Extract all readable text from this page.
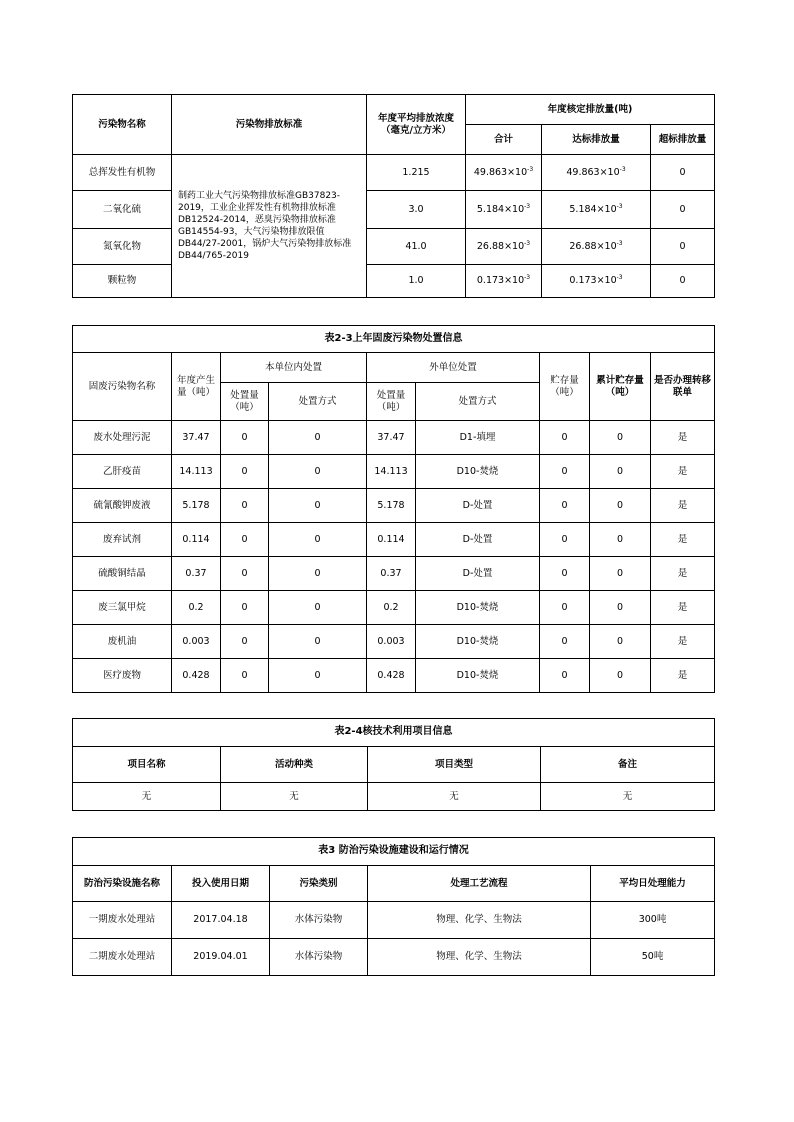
污染物名称	污染物排放标准	年度平均排放浓度（毫克/立方米）	年度核定排放量(吨)		
			合计	达标排放量	超标排放量
总挥发性有机物	制药工业大气污染物排放标准GB37823-2019，工业企业挥发性有机物排放标准DB12524-2014，恶臭污染物排放标准GB14554-93，大气污染物排放限值DB44/27-2001，锅炉大气污染物排放标准DB44/765-2019	1.215	$49.863\times 10^{-3}$	$49.863\times 10^{-3}$	0
二氧化硫		3.0	$5.184\times 10^{-3}$	$5.184\times 10^{-3}$	0
氮氧化物		41.0	$26.88\times 10^{-3}$	$26.88\times 10^{-3}$	0
颗粒物		1.0	$0.173\times 10^{-3}$	$0.173\times 10^{-3}$	0
表2-3上年固废污染物处置信息								
固废污染物名称	年度产生量（吨）	本单位内处置		外单位处置		贮存量（吨）	累计贮存量（吨）	是否办理转移联单
		处置量（吨）	处置方式	处置量（吨）	处置方式			
废水处理污泥	37.47	0	0	37.47	D1-填埋	0	0	是
乙肝疫苗	14.113	0	0	14.113	D10-焚烧	0	0	是
硫氰酸钾废液	5.178	0	0	5.178	D-处置	0	0	是
废弃试剂	0.114	0	0	0.114	D-处置	0	0	是
硫酸铜结晶	0.37	0	0	0.37	D-处置	0	0	是
废三氯甲烷	0.2	0	0	0.2	D10-焚烧	0	0	是
废机油	0.003	0	0	0.003	D10-焚烧	0	0	是
医疗废物	0.428	0	0	0.428	D10-焚烧	0	0	是
表2-4核技术利用项目信息			
项目名称	活动种类	项目类型	备注
无	无	无	无
表3 防治污染设施建设和运行情况				
防治污染设施名称	投入使用日期	污染类别	处理工艺流程	平均日处理能力
一期废水处理站	2017.04.18	水体污染物	物理、化学、生物法	300吨
二期废水处理站	2019.04.01	水体污染物	物理、化学、生物法	50吨
